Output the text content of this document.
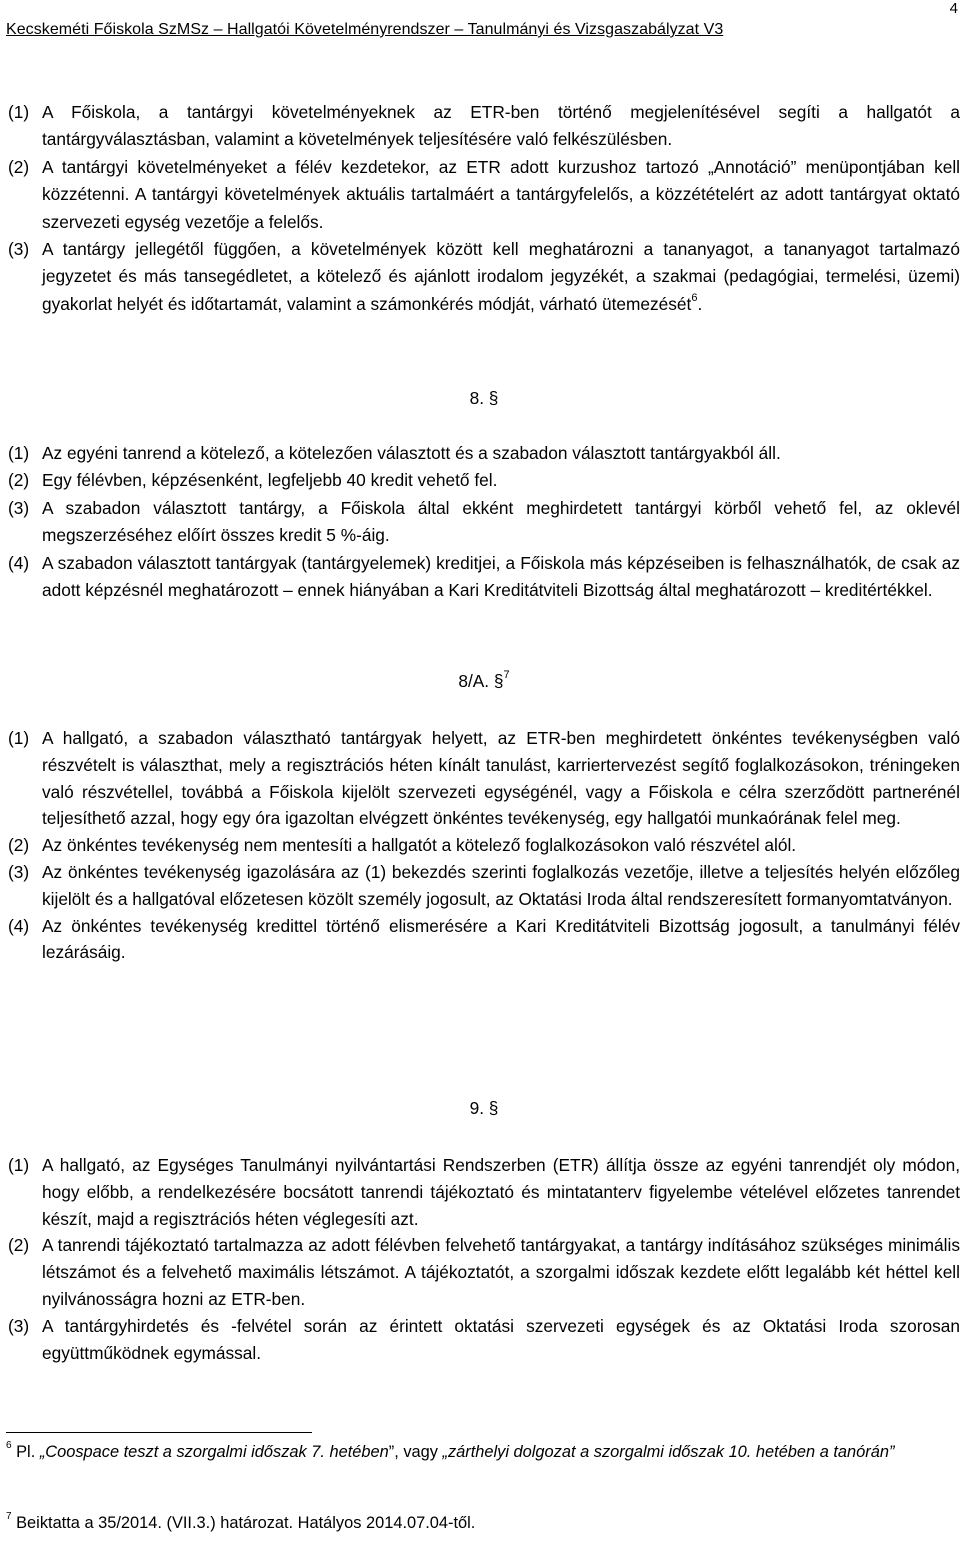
4
Kecskeméti Főiskola SzMSz – Hallgatói Követelményrendszer – Tanulmányi és Vizsgaszabályzat V3

(1) A Főiskola, a tantárgyi követelményeknek az ETR-ben történő megjelenítésével segíti a hallgatót a tantárgyválasztásban, valamint a követelmények teljesítésére való felkészülésben.

(2) A tantárgyi követelményeket a félév kezdetekor, az ETR adott kurzushoz tartozó „Annotáció” menüpontjában kell közzétenni. A tantárgyi követelmények aktuális tartalmáért a tantárgyfelelős, a közzétételért az adott tantárgyat oktató szervezeti egység vezetője a felelős.

(3) A tantárgy jellegétől függően, a követelmények között kell meghatározni a tananyagot, a tananyagot tartalmazó jegyzetet és más tansegédletet, a kötelező és ajánlott irodalom jegyzékét, a szakmai (pedagógiai, termelési, üzemi) gyakorlat helyét és időtartamát, valamint a számonkérés módját, várható ütemezését$^6$.

8. §

(1) Az egyéni tanrend a kötelező, a kötelezően választott és a szabadon választott tantárgyakból áll.

(2) Egy félévben, képzésenként, legfeljebb 40 kredit vehető fel.

(3) A szabadon választott tantárgy, a Főiskola által ekként meghirdetett tantárgyi körből vehető fel, az oklevél megszerzéséhez előírt összes kredit 5 %-áig.

(4) A szabadon választott tantárgyak (tantárgyelemek) kreditjei, a Főiskola más képzéseiben is felhasználhatók, de csak az adott képzésnél meghatározott – ennek hiányában a Kari Kreditátviteli Bizottság által meghatározott – kreditértékkel.

8/A. §$^7$

(1) A hallgató, a szabadon választható tantárgyak helyett, az ETR-ben meghirdetett önkéntes tevékenységben való részvételt is választhat, mely a regisztrációs héten kínált tanulást, karriertervezést segítő foglalkozásokon, tréningeken való részvétellel, továbbá a Főiskola kijelölt szervezeti egységénél, vagy a Főiskola e célra szerződött partnerénél teljesíthető azzal, hogy egy óra igazoltan elvégzett önkéntes tevékenység, egy hallgatói munkaórának felel meg.

(2) Az önkéntes tevékenység nem mentesíti a hallgatót a kötelező foglalkozásokon való részvétel alól.

(3) Az önkéntes tevékenység igazolására az (1) bekezdés szerinti foglalkozás vezetője, illetve a teljesítés helyén előzőleg kijelölt és a hallgatóval előzetesen közölt személy jogosult, az Oktatási Iroda által rendszeresített formanyomtatványon.

(4) Az önkéntes tevékenység kredittel történő elismerésére a Kari Kreditátviteli Bizottság jogosult, a tanulmányi félév lezárásáig.

9. §

(1) A hallgató, az Egységes Tanulmányi nyilvántartási Rendszerben (ETR) állítja össze az egyéni tanrendjét oly módon, hogy előbb, a rendelkezésére bocsátott tanrendi tájékoztató és mintatanterv figyelembe vételével előzetes tanrendet készít, majd a regisztrációs héten véglegesíti azt.

(2) A tanrendi tájékoztató tartalmazza az adott félévben felvehető tantárgyakat, a tantárgy indításához szükséges minimális létszámot és a felvehető maximális létszámot. A tájékoztatót, a szorgalmi időszak kezdete előtt legalább két héttel kell nyilvánosságra hozni az ETR-ben.

(3) A tantárgyhirdetés és -felvétel során az érintett oktatási szervezeti egységek és az Oktatási Iroda szorosan együttműködnek egymással.

$^6$ Pl. „Coospace teszt a szorgalmi időszak 7. hetében”, vagy „zárthelyi dolgozat a szorgalmi időszak 10. hetében a tanórán”
$^7$ Beiktatta a 35/2014. (VII.3.) határozat. Hatályos 2014.07.04-től.
